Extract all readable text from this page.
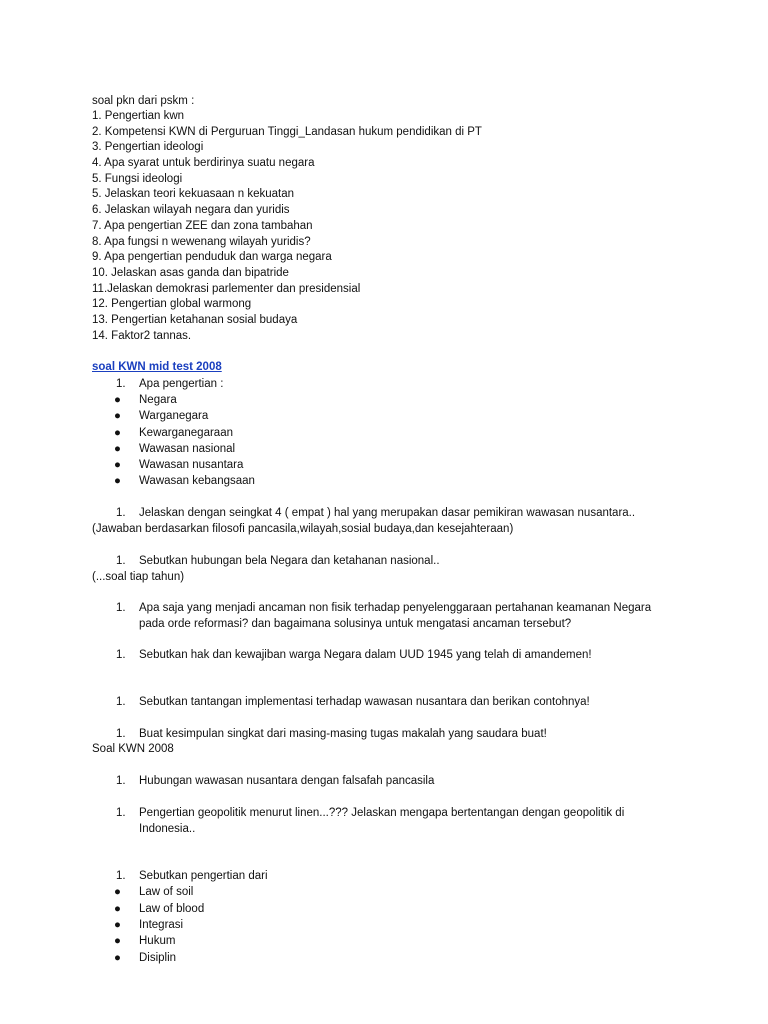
soal pkn dari pskm :
1. Pengertian kwn
2. Kompetensi KWN di Perguruan Tinggi_Landasan hukum pendidikan di PT
3. Pengertian ideologi
4. Apa syarat untuk berdirinya suatu negara
5. Fungsi ideologi
5. Jelaskan teori kekuasaan n kekuatan
6. Jelaskan wilayah negara dan yuridis
7. Apa pengertian ZEE dan zona tambahan
8. Apa fungsi n wewenang wilayah yuridis?
9. Apa pengertian penduduk dan warga negara
10. Jelaskan asas ganda dan bipatride
11.Jelaskan demokrasi parlementer dan presidensial
12. Pengertian global warmong
13. Pengertian ketahanan sosial budaya
14. Faktor2 tannas.
soal KWN mid test 2008
1. Apa pengertian :
● Negara
● Warganegara
● Kewarganegaraan
● Wawasan nasional
● Wawasan nusantara
● Wawasan kebangsaan
1. Jelaskan dengan seingkat 4 ( empat ) hal yang merupakan dasar pemikiran wawasan nusantara..
(Jawaban berdasarkan filosofi pancasila,wilayah,sosial budaya,dan kesejahteraan)
1. Sebutkan hubungan bela Negara dan ketahanan nasional..
(...soal tiap tahun)
1. Apa saja yang menjadi ancaman non fisik terhadap penyelenggaraan pertahanan keamanan Negara
pada orde reformasi? dan bagaimana solusinya untuk mengatasi ancaman tersebut?
1. Sebutkan hak dan kewajiban warga Negara dalam UUD 1945 yang telah di amandemen!
1. Sebutkan tantangan implementasi terhadap wawasan nusantara dan berikan contohnya!
1. Buat kesimpulan singkat dari masing-masing tugas makalah yang saudara buat!
Soal KWN 2008
1. Hubungan wawasan nusantara dengan falsafah pancasila
1. Pengertian geopolitik menurut linen...??? Jelaskan mengapa bertentangan dengan geopolitik di
Indonesia..
1. Sebutkan pengertian dari
● Law of soil
● Law of blood
● Integrasi
● Hukum
● Disiplin
